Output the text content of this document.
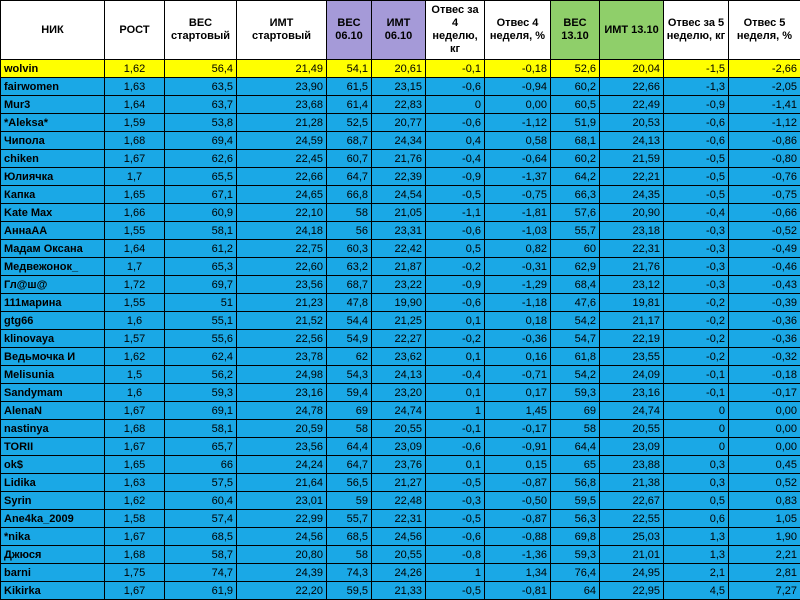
НИК	РОСТ	ВЕС стартовый	ИМТ стартовый	ВЕС 06.10	ИМТ 06.10	Отвес за 4 неделю, кг	Отвес 4 неделя, %	ВЕС 13.10	ИМТ 13.10	Отвес за 5 неделю, кг	Отвес 5 неделя, %
wolvin	1,62	56,4	21,49	54,1	20,61	-0,1	-0,18	52,6	20,04	-1,5	-2,66
fairwomen	1,63	63,5	23,90	61,5	23,15	-0,6	-0,94	60,2	22,66	-1,3	-2,05
Mur3	1,64	63,7	23,68	61,4	22,83	0	0,00	60,5	22,49	-0,9	-1,41
*Aleksa*	1,59	53,8	21,28	52,5	20,77	-0,6	-1,12	51,9	20,53	-0,6	-1,12
Чипола	1,68	69,4	24,59	68,7	24,34	0,4	0,58	68,1	24,13	-0,6	-0,86
chiken	1,67	62,6	22,45	60,7	21,76	-0,4	-0,64	60,2	21,59	-0,5	-0,80
Юлиячка	1,7	65,5	22,66	64,7	22,39	-0,9	-1,37	64,2	22,21	-0,5	-0,76
Капка	1,65	67,1	24,65	66,8	24,54	-0,5	-0,75	66,3	24,35	-0,5	-0,75
Kate Max	1,66	60,9	22,10	58	21,05	-1,1	-1,81	57,6	20,90	-0,4	-0,66
АннаАА	1,55	58,1	24,18	56	23,31	-0,6	-1,03	55,7	23,18	-0,3	-0,52
Мадам Оксана	1,64	61,2	22,75	60,3	22,42	0,5	0,82	60	22,31	-0,3	-0,49
Медвежонок_	1,7	65,3	22,60	63,2	21,87	-0,2	-0,31	62,9	21,76	-0,3	-0,46
Гл@ш@	1,72	69,7	23,56	68,7	23,22	-0,9	-1,29	68,4	23,12	-0,3	-0,43
111марина	1,55	51	21,23	47,8	19,90	-0,6	-1,18	47,6	19,81	-0,2	-0,39
gtg66	1,6	55,1	21,52	54,4	21,25	0,1	0,18	54,2	21,17	-0,2	-0,36
klinovaya	1,57	55,6	22,56	54,9	22,27	-0,2	-0,36	54,7	22,19	-0,2	-0,36
Ведьмочка И	1,62	62,4	23,78	62	23,62	0,1	0,16	61,8	23,55	-0,2	-0,32
Melisunia	1,5	56,2	24,98	54,3	24,13	-0,4	-0,71	54,2	24,09	-0,1	-0,18
Sandymam	1,6	59,3	23,16	59,4	23,20	0,1	0,17	59,3	23,16	-0,1	-0,17
AlenaN	1,67	69,1	24,78	69	24,74	1	1,45	69	24,74	0	0,00
nastinya	1,68	58,1	20,59	58	20,55	-0,1	-0,17	58	20,55	0	0,00
TORII	1,67	65,7	23,56	64,4	23,09	-0,6	-0,91	64,4	23,09	0	0,00
ok$	1,65	66	24,24	64,7	23,76	0,1	0,15	65	23,88	0,3	0,45
Lidika	1,63	57,5	21,64	56,5	21,27	-0,5	-0,87	56,8	21,38	0,3	0,52
Syrin	1,62	60,4	23,01	59	22,48	-0,3	-0,50	59,5	22,67	0,5	0,83
Ane4ka_2009	1,58	57,4	22,99	55,7	22,31	-0,5	-0,87	56,3	22,55	0,6	1,05
*nika	1,67	68,5	24,56	68,5	24,56	-0,6	-0,88	69,8	25,03	1,3	1,90
Джюся	1,68	58,7	20,80	58	20,55	-0,8	-1,36	59,3	21,01	1,3	2,21
barni	1,75	74,7	24,39	74,3	24,26	1	1,34	76,4	24,95	2,1	2,81
Kikirka	1,67	61,9	22,20	59,5	21,33	-0,5	-0,81	64	22,95	4,5	7,27
